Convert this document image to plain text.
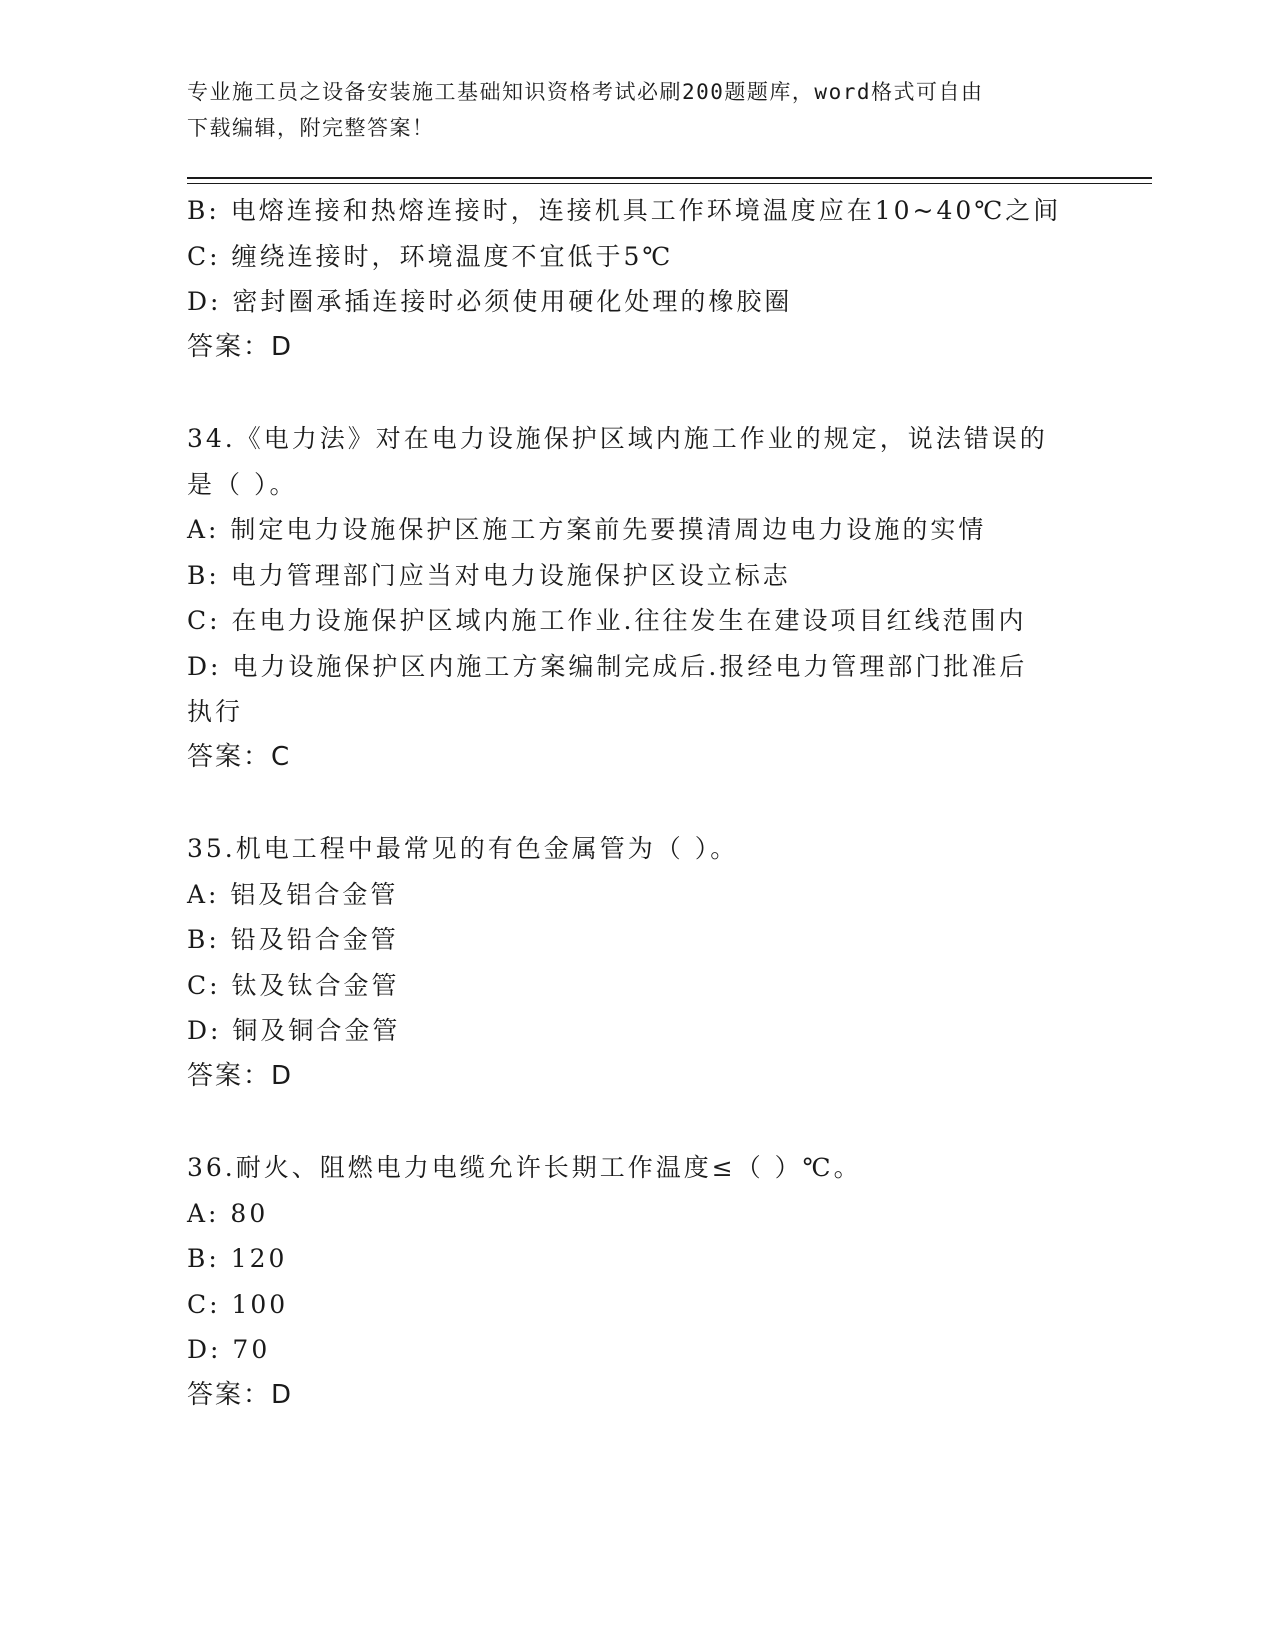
专业施工员之设备安装施工基础知识资格考试必刷200题题库，word格式可自由
下载编辑，附完整答案！
B: 电熔连接和热熔连接时，连接机具工作环境温度应在10~40℃之间
C: 缠绕连接时，环境温度不宜低于5℃
D: 密封圈承插连接时必须使用硬化处理的橡胶圈
答案：D
34.《电力法》对在电力设施保护区域内施工作业的规定，说法错误的
是（ ）。
A: 制定电力设施保护区施工方案前先要摸清周边电力设施的实情
B: 电力管理部门应当对电力设施保护区设立标志
C: 在电力设施保护区域内施工作业.往往发生在建设项目红线范围内
D: 电力设施保护区内施工方案编制完成后.报经电力管理部门批准后
执行
答案：C
35.机电工程中最常见的有色金属管为（ ）。
A: 铝及铝合金管
B: 铅及铅合金管
C: 钛及钛合金管
D: 铜及铜合金管
答案：D
36.耐火、阻燃电力电缆允许长期工作温度≤（ ）℃。
A: 80
B: 120
C: 100
D: 70
答案：D
